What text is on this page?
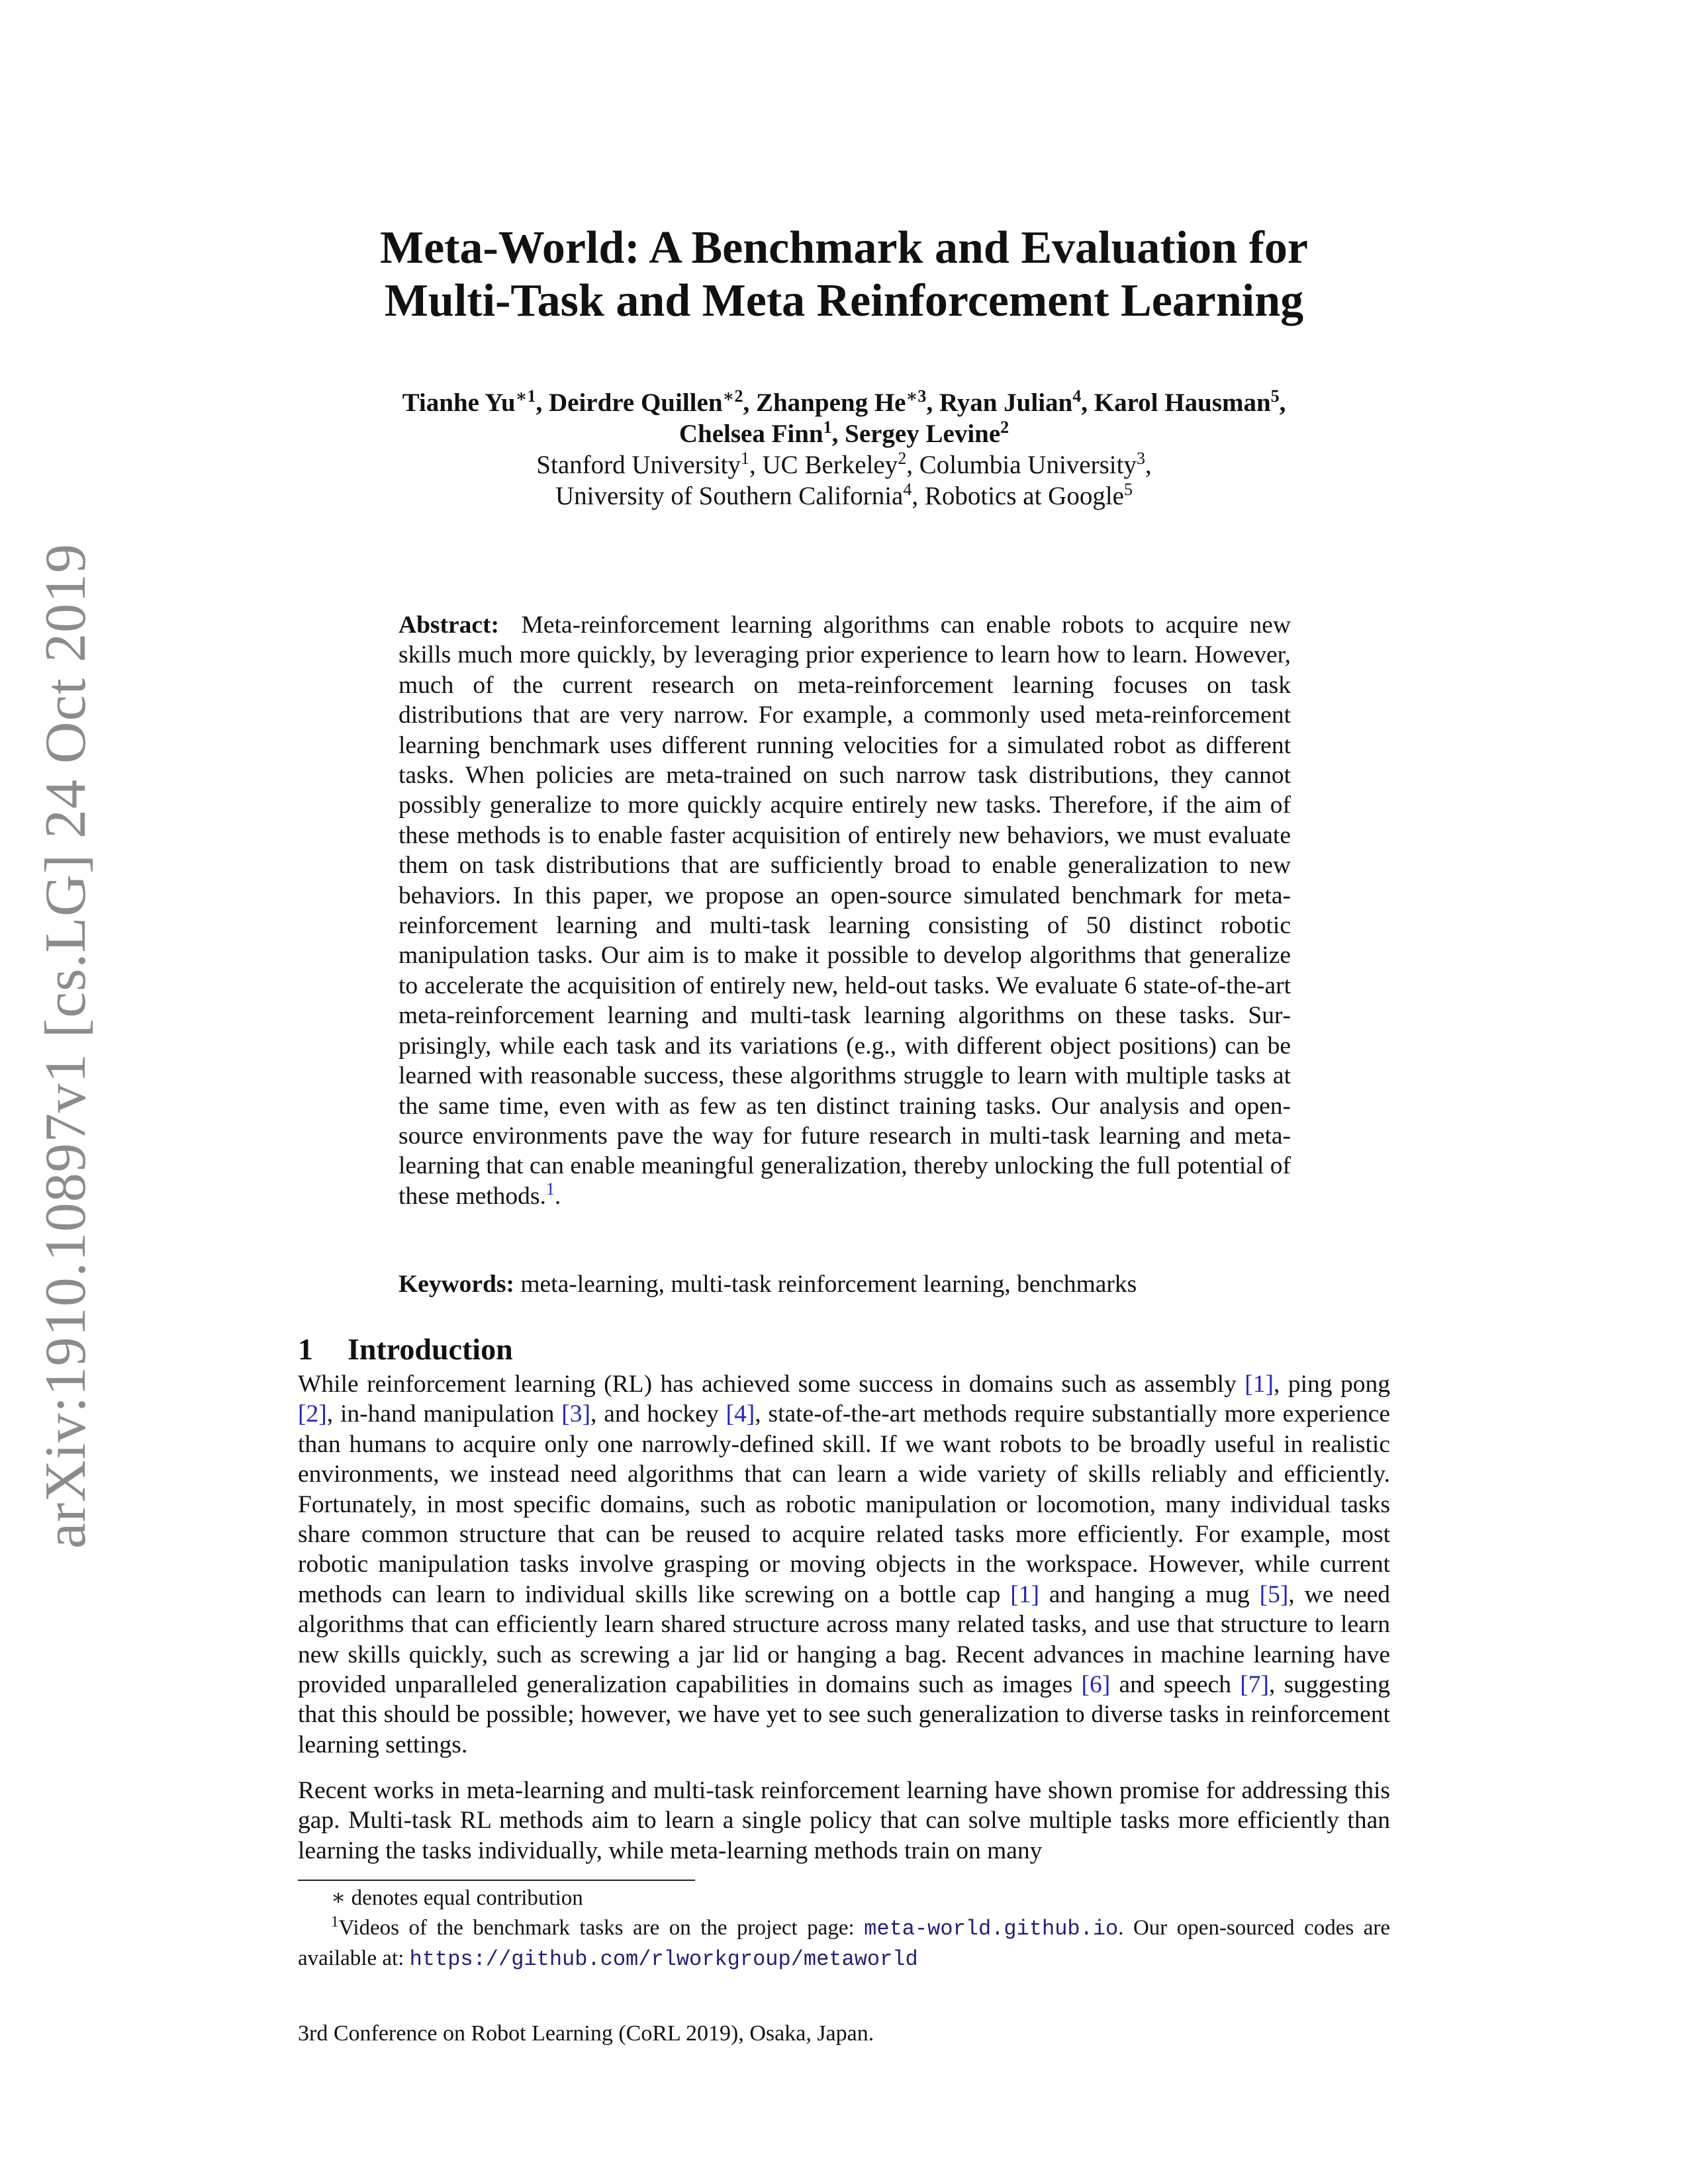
arXiv:1910.10897v1 [cs.LG] 24 Oct 2019
Meta-World: A Benchmark and Evaluation for
Multi-Task and Meta Reinforcement Learning
Tianhe $Yu^{∗1}$, Deirdre Quillen$^{∗2}$, Zhanpeng $He^{∗3}$, Ryan Julian$^4$, Karol Hausman$^5$,
Chelsea Finn$^1$, Sergey Levine$^2$
Stanford University$^1$, UC Berkeley$^2$, Columbia University$^3$,
University of Southern California$^4$, Robotics at Google$^5$
Abstract: Meta-reinforcement learning algorithms can enable robots to acquire new skills much more quickly, by leveraging prior experience to learn how to learn. However, much of the current research on meta-reinforcement learning focuses on task distributions that are very narrow. For example, a commonly used meta-reinforcement learning benchmark uses different running velocities for a simulated robot as different tasks. When policies are meta-trained on such narrow task distributions, they cannot possibly generalize to more quickly acquire entirely new tasks. Therefore, if the aim of these methods is to enable faster acquisition of entirely new behaviors, we must evaluate them on task distributions that are sufficiently broad to enable generalization to new behaviors. In this paper, we propose an open-source simulated benchmark for meta-reinforcement learning and multi-task learning consisting of 50 distinct robotic manipulation tasks. Our aim is to make it possible to develop algorithms that generalize to accelerate the acquisition of entirely new, held-out tasks. We evaluate 6 state-of-the-art meta-reinforcement learning and multi-task learning algorithms on these tasks. Surprisingly, while each task and its variations (e.g., with different object positions) can be learned with reasonable success, these algorithms struggle to learn with multiple tasks at the same time, even with as few as ten distinct training tasks. Our analysis and open-source environments pave the way for future research in multi-task learning and meta-learning that can enable meaningful generalization, thereby unlocking the full potential of these methods.$^1$.
Keywords: meta-learning, multi-task reinforcement learning, benchmarks
1 Introduction
While reinforcement learning (RL) has achieved some success in domains such as assembly [1], ping pong [2], in-hand manipulation [3], and hockey [4], state-of-the-art methods require substantially more experience than humans to acquire only one narrowly-defined skill. If we want robots to be broadly useful in realistic environments, we instead need algorithms that can learn a wide variety of skills reliably and efficiently. Fortunately, in most specific domains, such as robotic manipulation or locomotion, many individual tasks share common structure that can be reused to acquire related tasks more efficiently. For example, most robotic manipulation tasks involve grasping or moving objects in the workspace. However, while current methods can learn to individual skills like screwing on a bottle cap [1] and hanging a mug [5], we need algorithms that can efficiently learn shared structure across many related tasks, and use that structure to learn new skills quickly, such as screwing a jar lid or hanging a bag. Recent advances in machine learning have provided unparalleled generalization capabilities in domains such as images [6] and speech [7], suggesting that this should be possible; however, we have yet to see such generalization to diverse tasks in reinforcement learning settings.
Recent works in meta-learning and multi-task reinforcement learning have shown promise for addressing this gap. Multi-task RL methods aim to learn a single policy that can solve multiple tasks more efficiently than learning the tasks individually, while meta-learning methods train on many
∗ denotes equal contribution
$^1$Videos of the benchmark tasks are on the project page: meta-world.github.io. Our open-sourced codes are available at: https://github.com/rlworkgroup/metaworld
3rd Conference on Robot Learning (CoRL 2019), Osaka, Japan.
